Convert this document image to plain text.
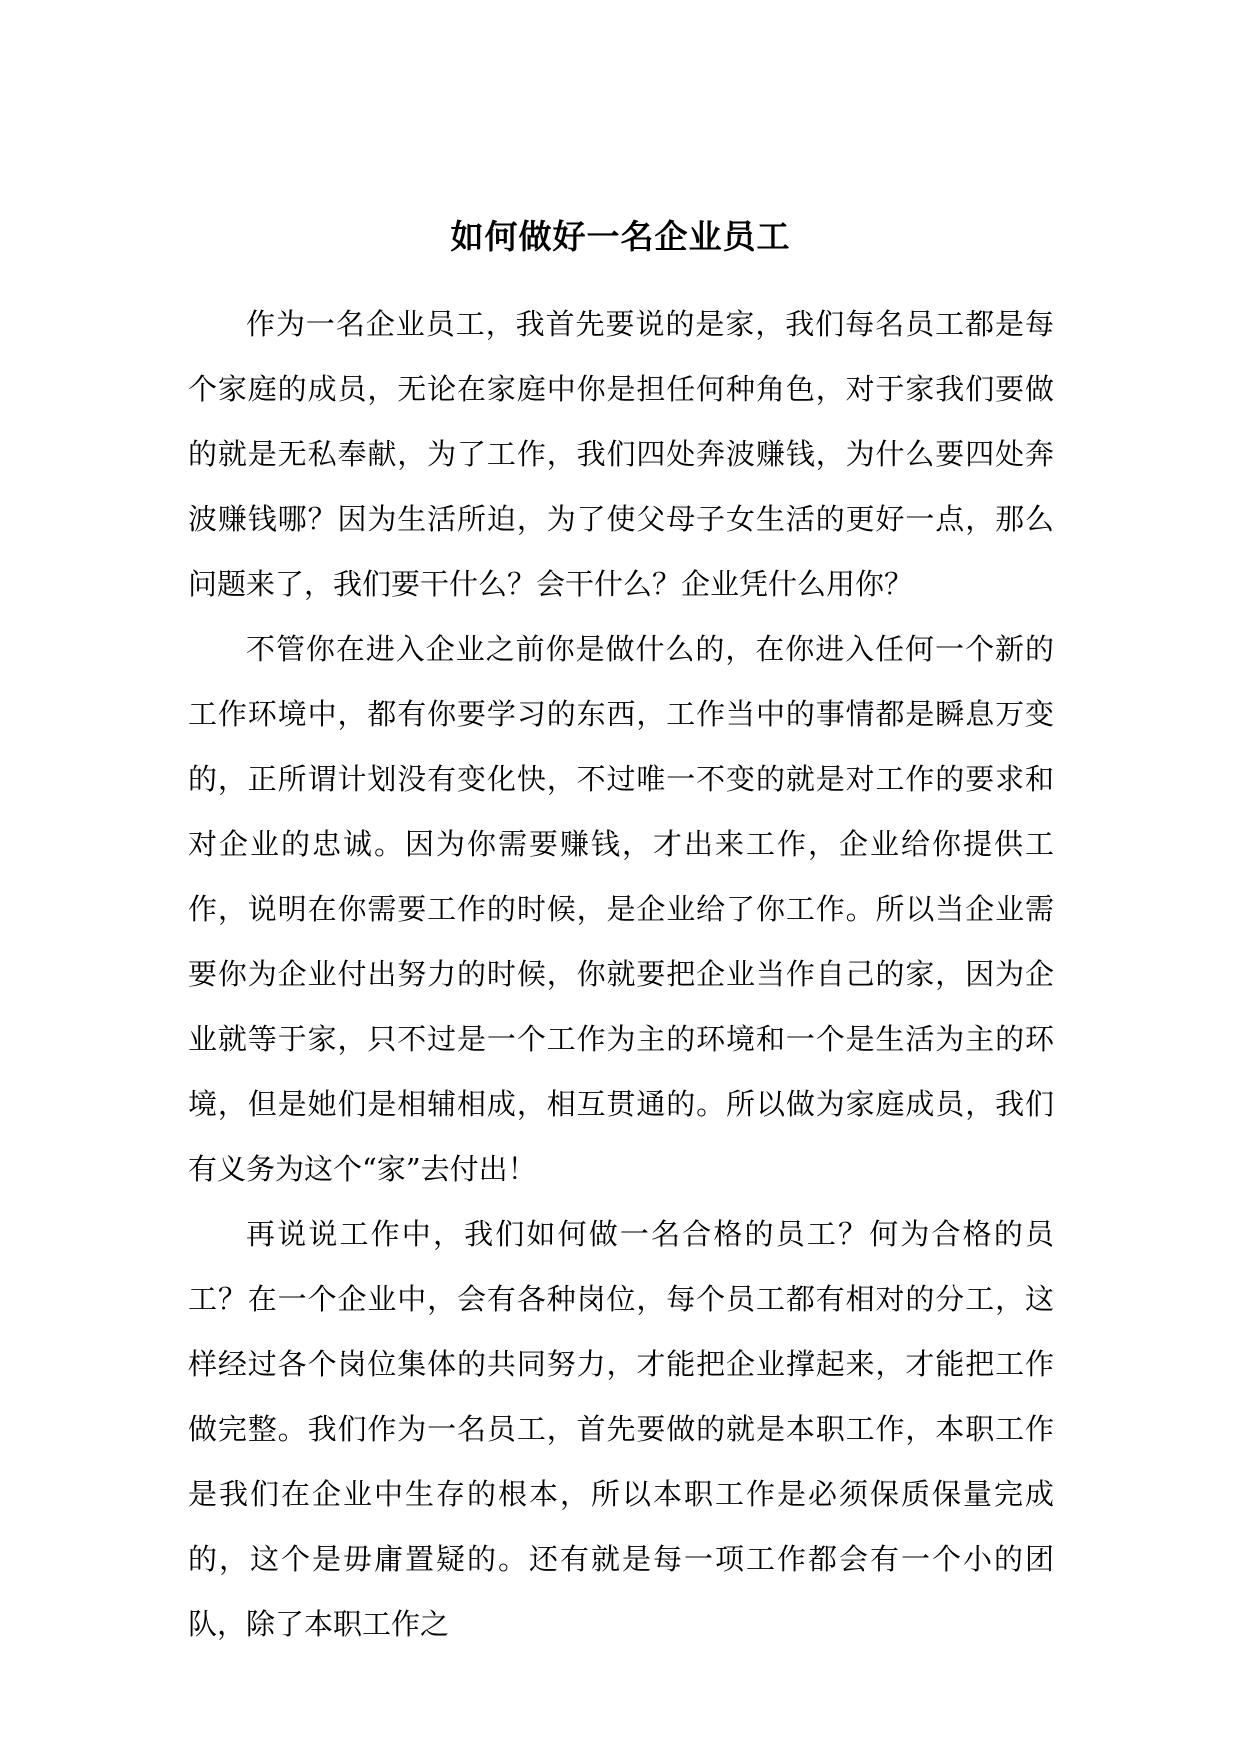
如何做好一名企业员工

作为一名企业员工，我首先要说的是家，我们每名员工都是每个家庭的成员，无论在家庭中你是担任何种角色，对于家我们要做的就是无私奉献，为了工作，我们四处奔波赚钱，为什么要四处奔波赚钱哪？因为生活所迫，为了使父母子女生活的更好一点，那么问题来了，我们要干什么？会干什么？企业凭什么用你？

不管你在进入企业之前你是做什么的，在你进入任何一个新的工作环境中，都有你要学习的东西，工作当中的事情都是瞬息万变的，正所谓计划没有变化快，不过唯一不变的就是对工作的要求和对企业的忠诚。因为你需要赚钱，才出来工作，企业给你提供工作，说明在你需要工作的时候，是企业给了你工作。所以当企业需要你为企业付出努力的时候，你就要把企业当作自己的家，因为企业就等于家，只不过是一个工作为主的环境和一个是生活为主的环境，但是她们是相辅相成，相互贯通的。所以做为家庭成员，我们有义务为这个“家”去付出！

再说说工作中，我们如何做一名合格的员工？何为合格的员工？在一个企业中，会有各种岗位，每个员工都有相对的分工，这样经过各个岗位集体的共同努力，才能把企业撑起来，才能把工作做完整。我们作为一名员工，首先要做的就是本职工作，本职工作是我们在企业中生存的根本，所以本职工作是必须保质保量完成的，这个是毋庸置疑的。还有就是每一项工作都会有一个小的团队，除了本职工作之
